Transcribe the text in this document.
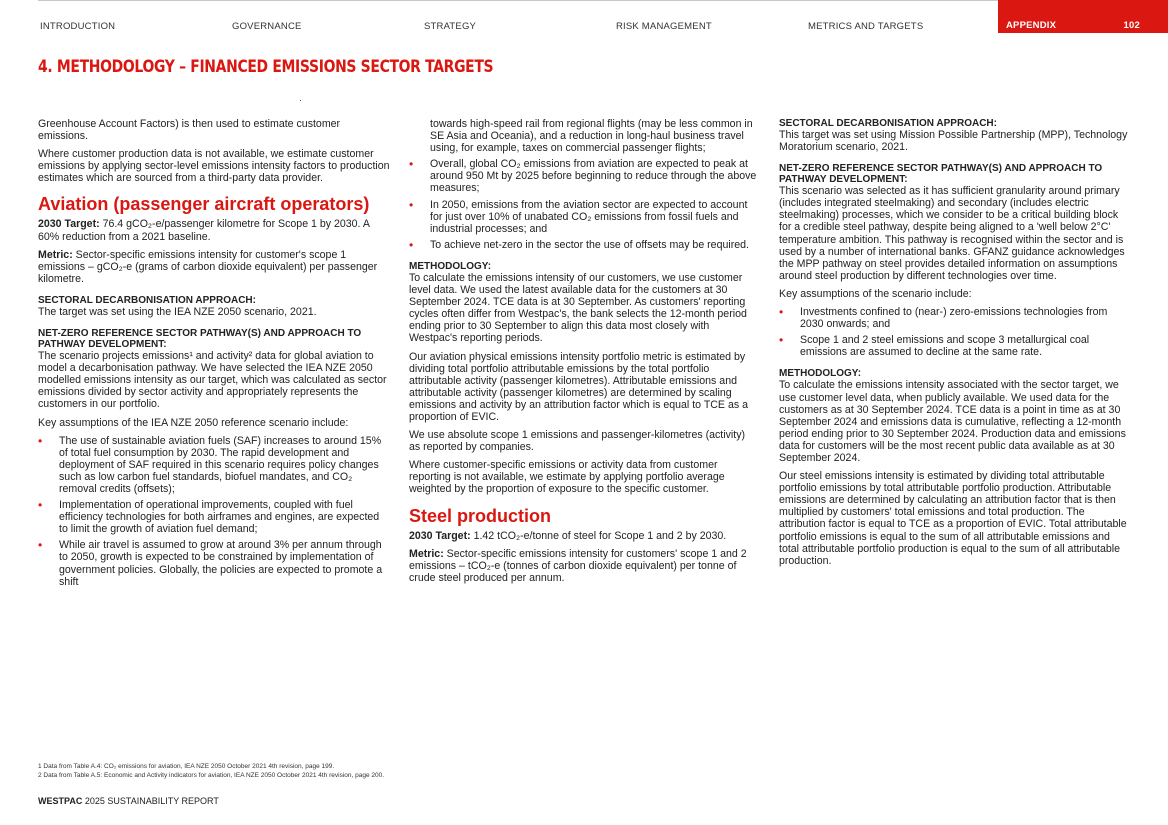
INTRODUCTION	GOVERNANCE	STRATEGY	RISK MANAGEMENT	METRICS AND TARGETS	APPENDIX	102
4. METHODOLOGY – FINANCED EMISSIONS SECTOR TARGETS

Greenhouse Account Factors) is then used to estimate customer emissions.

Where customer production data is not available, we estimate customer emissions by applying sector-level emissions intensity factors to production estimates which are sourced from a third-party data provider.

Aviation (passenger aircraft operators)

2030 Target: 76.4 gCO₂-e/passenger kilometre for Scope 1 by 2030. A 60% reduction from a 2021 baseline.

Metric: Sector-specific emissions intensity for customer's scope 1 emissions – gCO₂-e (grams of carbon dioxide equivalent) per passenger kilometre.

SECTORAL DECARBONISATION APPROACH:

The target was set using the IEA NZE 2050 scenario, 2021.

NET-ZERO REFERENCE SECTOR PATHWAY(S) AND APPROACH TO PATHWAY DEVELOPMENT:

The scenario projects emissions¹ and activity² data for global aviation to model a decarbonisation pathway. We have selected the IEA NZE 2050 modelled emissions intensity as our target, which was calculated as sector emissions divided by sector activity and appropriately represents the customers in our portfolio.

Key assumptions of the IEA NZE 2050 reference scenario include:

• The use of sustainable aviation fuels (SAF) increases to around 15% of total fuel consumption by 2030. The rapid development and deployment of SAF required in this scenario requires policy changes such as low carbon fuel standards, biofuel mandates, and CO₂ removal credits (offsets);
• Implementation of operational improvements, coupled with fuel efficiency technologies for both airframes and engines, are expected to limit the growth of aviation fuel demand;
• While air travel is assumed to grow at around 3% per annum through to 2050, growth is expected to be constrained by implementation of government policies. Globally, the policies are expected to promote a shift

towards high-speed rail from regional flights (may be less common in SE Asia and Oceania), and a reduction in long-haul business travel using, for example, taxes on commercial passenger flights;

• Overall, global CO₂ emissions from aviation are expected to peak at around 950 Mt by 2025 before beginning to reduce through the above measures;
• In 2050, emissions from the aviation sector are expected to account for just over 10% of unabated CO₂ emissions from fossil fuels and industrial processes; and
• To achieve net-zero in the sector the use of offsets may be required.
METHODOLOGY:

To calculate the emissions intensity of our customers, we use customer level data. We used the latest available data for the customers at 30 September 2024. TCE data is at 30 September. As customers' reporting cycles often differ from Westpac's, the bank selects the 12-month period ending prior to 30 September to align this data most closely with Westpac's reporting periods.

Our aviation physical emissions intensity portfolio metric is estimated by dividing total portfolio attributable emissions by the total portfolio attributable activity (passenger kilometres). Attributable emissions and attributable activity (passenger kilometres) are determined by scaling emissions and activity by an attribution factor which is equal to TCE as a proportion of EVIC.

We use absolute scope 1 emissions and passenger-kilometres (activity) as reported by companies.

Where customer-specific emissions or activity data from customer reporting is not available, we estimate by applying portfolio average weighted by the proportion of exposure to the specific customer.

Steel production

2030 Target: 1.42 tCO₂-e/tonne of steel for Scope 1 and 2 by 2030.

Metric: Sector-specific emissions intensity for customers' scope 1 and 2 emissions – tCO₂-e (tonnes of carbon dioxide equivalent) per tonne of crude steel produced per annum.

SECTORAL DECARBONISATION APPROACH:

This target was set using Mission Possible Partnership (MPP), Technology Moratorium scenario, 2021.

NET-ZERO REFERENCE SECTOR PATHWAY(S) AND APPROACH TO PATHWAY DEVELOPMENT:

This scenario was selected as it has sufficient granularity around primary (includes integrated steelmaking) and secondary (includes electric steelmaking) processes, which we consider to be a critical building block for a credible steel pathway, despite being aligned to a 'well below 2°C' temperature ambition. This pathway is recognised within the sector and is used by a number of international banks. GFANZ guidance acknowledges the MPP pathway on steel provides detailed information on assumptions around steel production by different technologies over time.

Key assumptions of the scenario include:

• Investments confined to (near-) zero-emissions technologies from 2030 onwards; and
• Scope 1 and 2 steel emissions and scope 3 metallurgical coal emissions are assumed to decline at the same rate.
METHODOLOGY:

To calculate the emissions intensity associated with the sector target, we use customer level data, when publicly available. We used data for the customers as at 30 September 2024. TCE data is a point in time as at 30 September 2024 and emissions data is cumulative, reflecting a 12-month period ending prior to 30 September 2024. Production data and emissions data for customers will be the most recent public data available as at 30 September 2024.

Our steel emissions intensity is estimated by dividing total attributable portfolio emissions by total attributable portfolio production. Attributable emissions are determined by calculating an attribution factor that is then multiplied by customers' total emissions and total production. The attribution factor is equal to TCE as a proportion of EVIC. Total attributable portfolio emissions is equal to the sum of all attributable emissions and total attributable portfolio production is equal to the sum of all attributable production.

1 Data from Table A.4: CO₂ emissions for aviation, IEA NZE 2050 October 2021 4th revision, page 199.
2 Data from Table A.5: Economic and Activity indicators for aviation, IEA NZE 2050 October 2021 4th revision, page 200.
WESTPAC 2025 SUSTAINABILITY REPORT
